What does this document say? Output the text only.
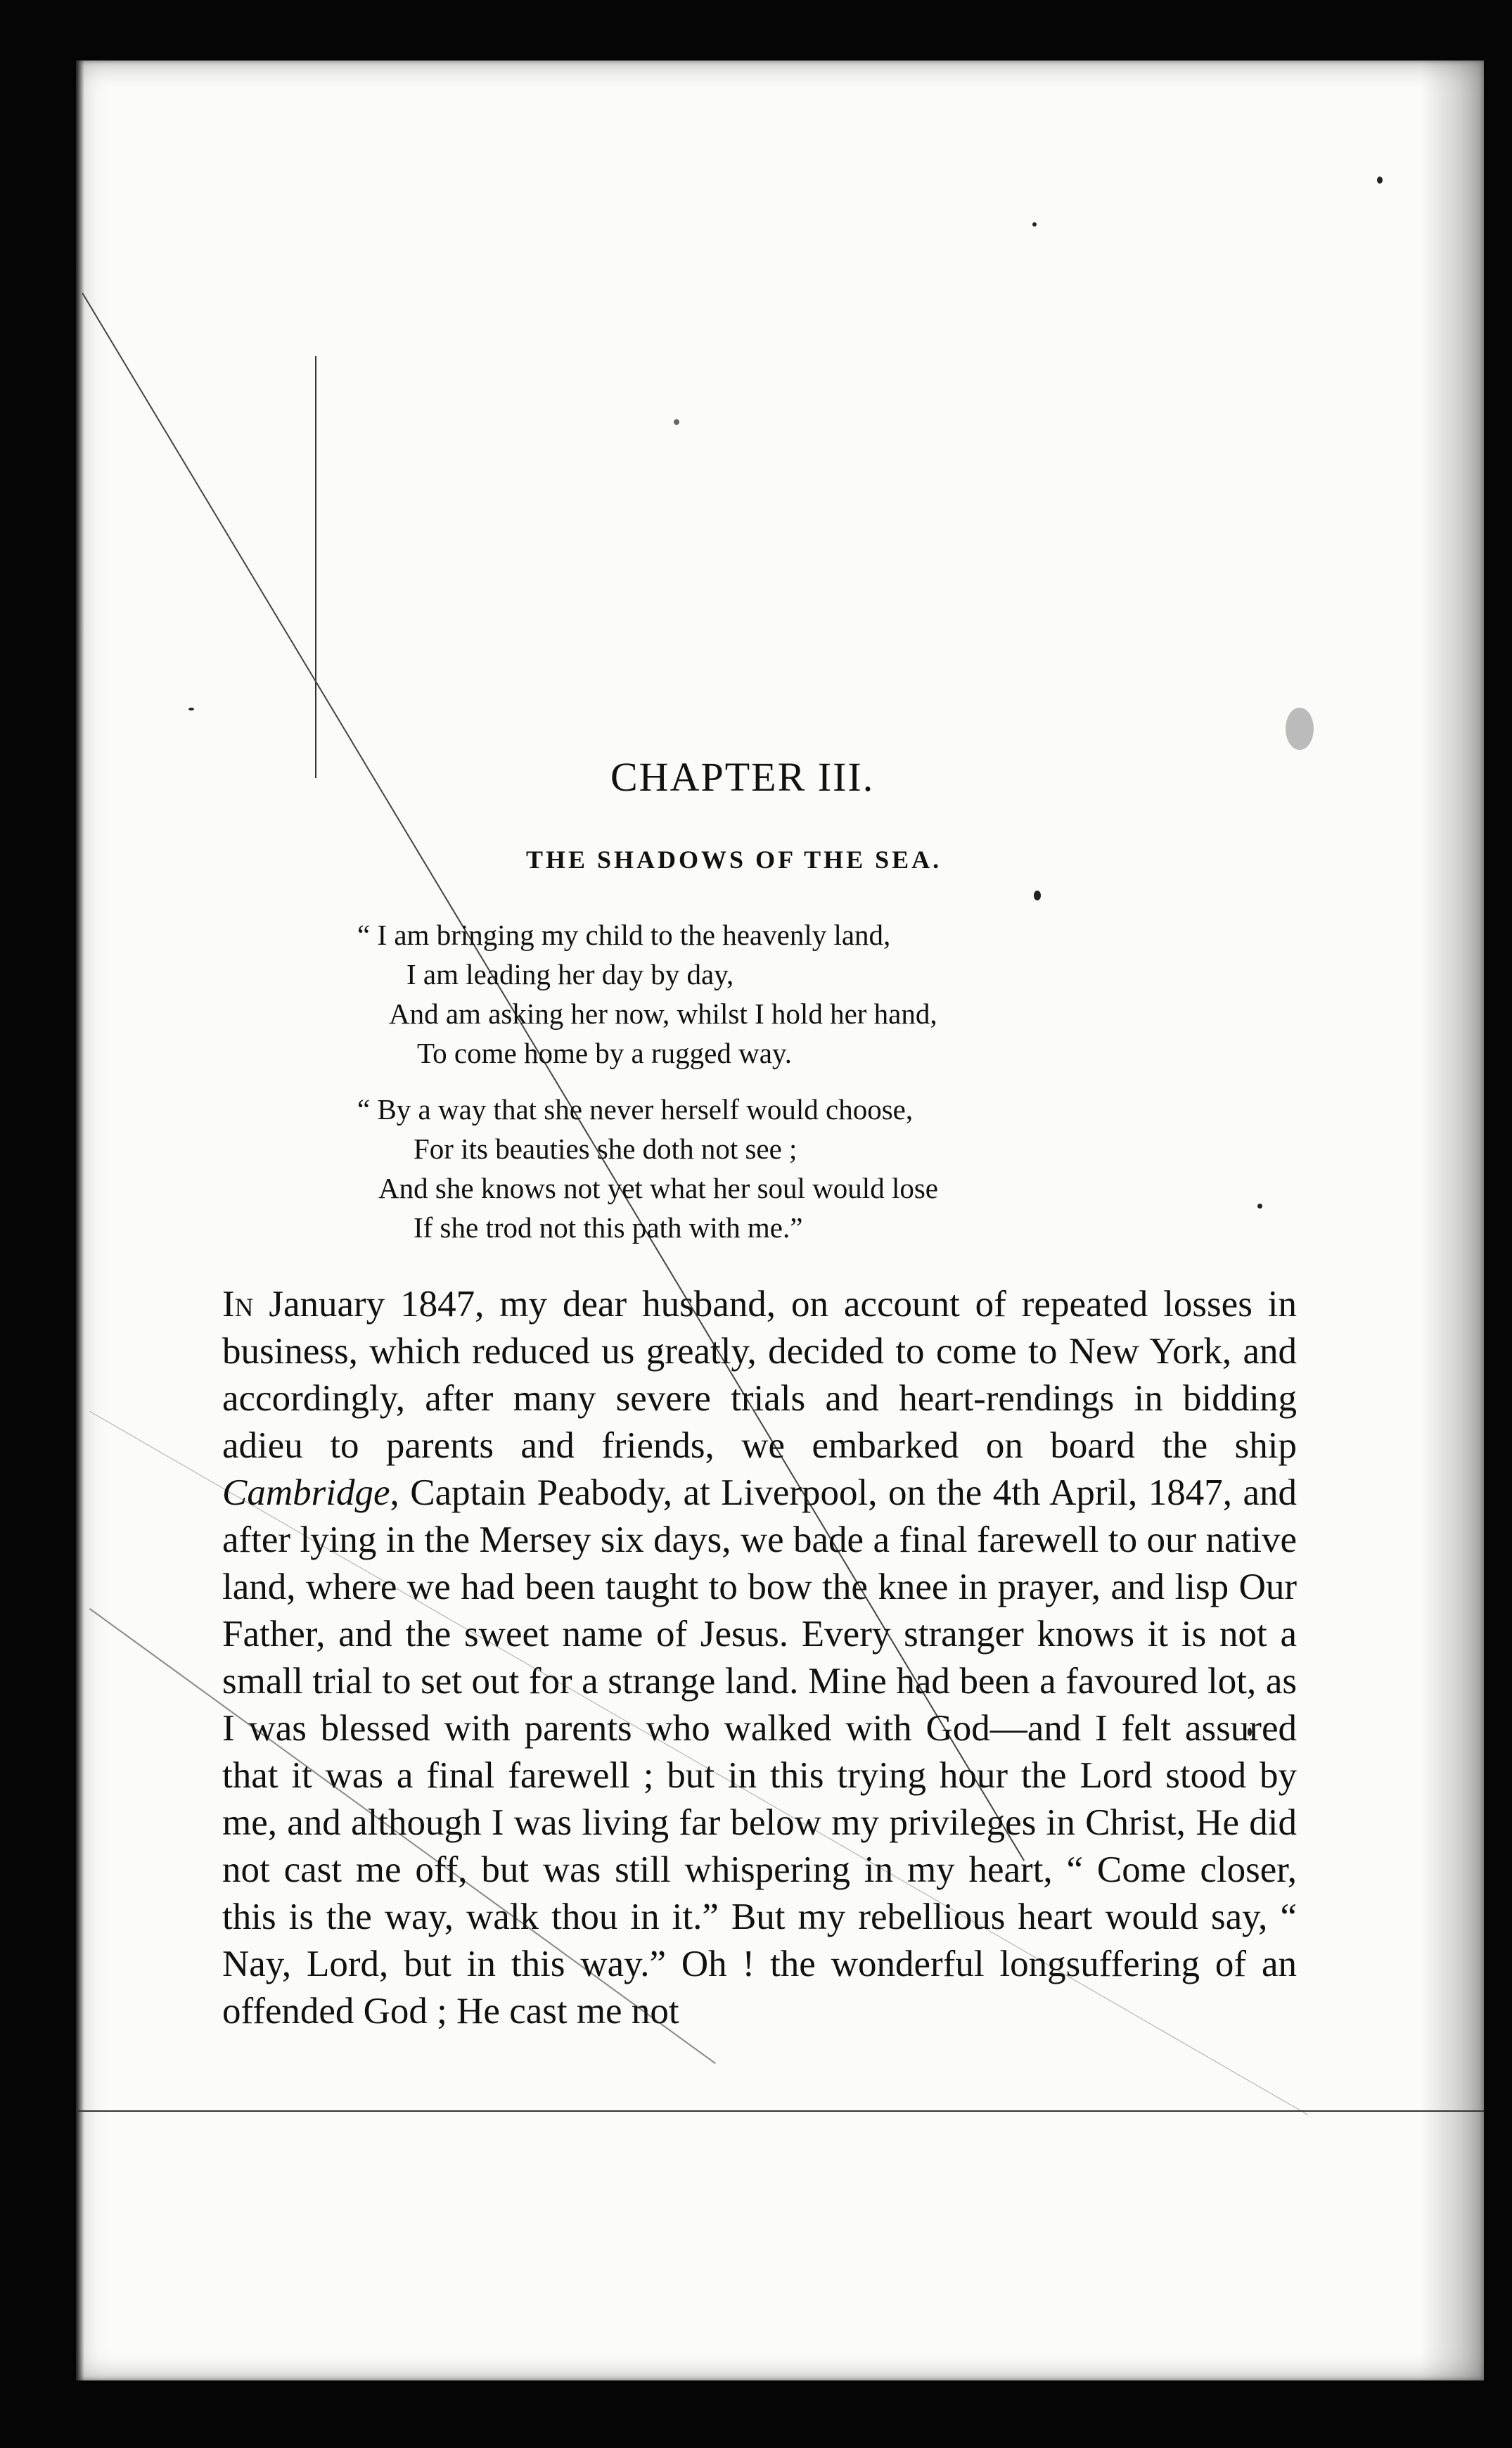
CHAPTER III.
THE SHADOWS OF THE SEA.

“ I am bringing my child to the heavenly land,

I am leading her day by day,

And am asking her now, whilst I hold her hand,

To come home by a rugged way.

“ By a way that she never herself would choose,

For its beauties she doth not see ;

And she knows not yet what her soul would lose

If she trod not this path with me.”

In January 1847, my dear husband, on account of repeated losses in business, which reduced us greatly, decided to come to New York, and accordingly, after many severe trials and heart-rendings in bidding adieu to parents and friends, we embarked on board the ship Cambridge, Captain Peabody, at Liverpool, on the 4th April, 1847, and after lying in the Mersey six days, we bade a final farewell to our native land, where we had been taught to bow the knee in prayer, and lisp Our Father, and the sweet name of Jesus. Every stranger knows it is not a small trial to set out for a strange land. Mine had been a favoured lot, as I was blessed with parents who walked with God—and I felt assured that it was a final farewell ; but in this trying hour the Lord stood by me, and although I was living far below my privileges in Christ, He did not cast me off, but was still whispering in my heart, “ Come closer, this is the way, walk thou in it.” But my rebellious heart would say, “ Nay, Lord, but in this way.” Oh ! the wonderful longsuffering of an offended God ; He cast me not
